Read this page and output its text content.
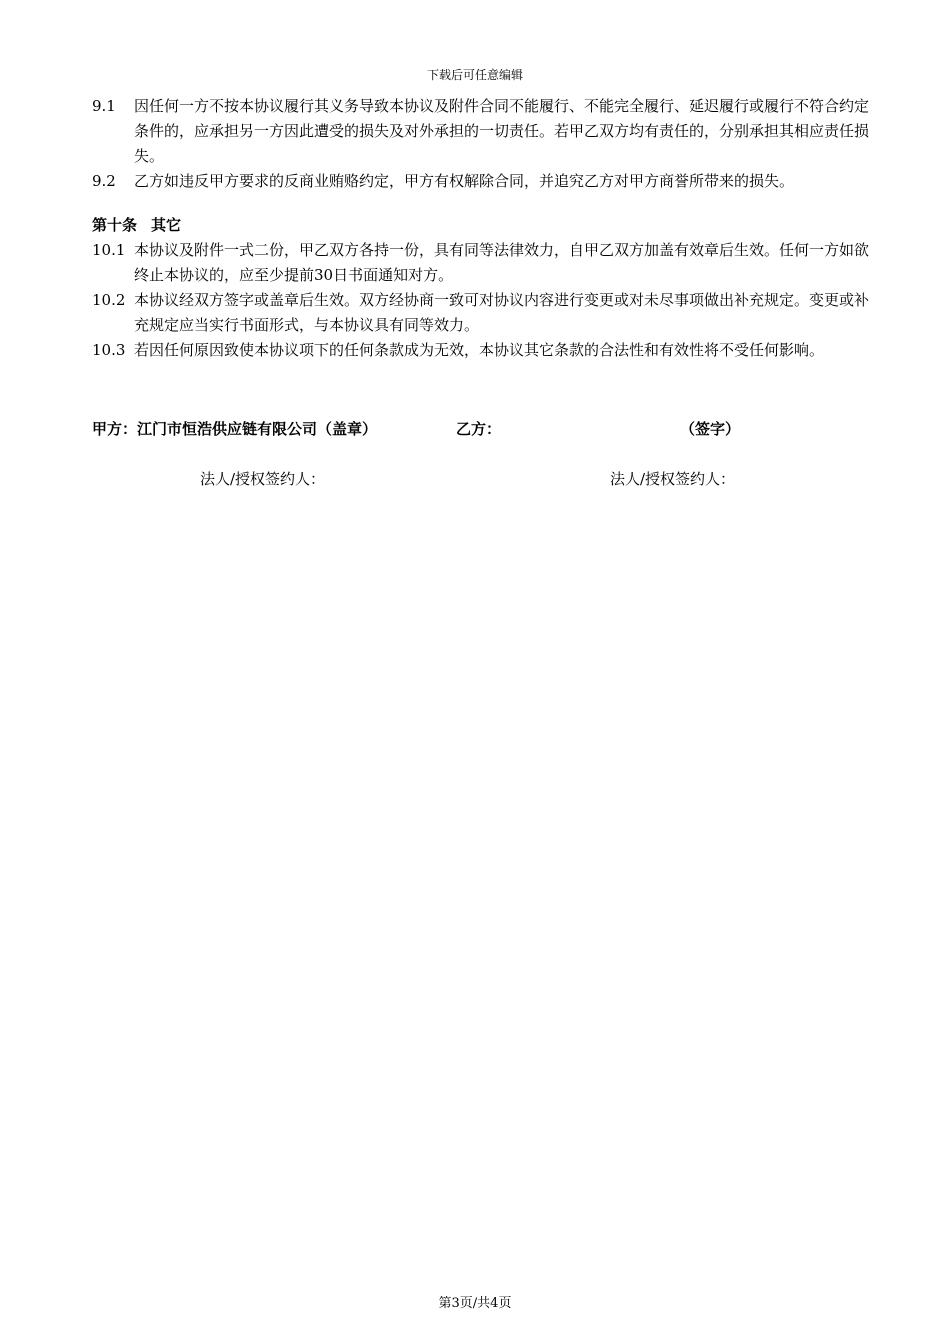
下载后可任意编辑
9.1	因任何一方不按本协议履行其义务导致本协议及附件合同不能履行、不能完全履行、延迟履行或履行不符合约定条件的，应承担另一方因此遭受的损失及对外承担的一切责任。若甲乙双方均有责任的，分别承担其相应责任损失。
9.2	乙方如违反甲方要求的反商业贿赂约定，甲方有权解除合同，并追究乙方对甲方商誉所带来的损失。
第十条 其它
10.1 本协议及附件一式二份，甲乙双方各持一份，具有同等法律效力，自甲乙双方加盖有效章后生效。任何一方如欲终止本协议的，应至少提前30日书面通知对方。
10.2 本协议经双方签字或盖章后生效。双方经协商一致可对协议内容进行变更或对未尽事项做出补充规定。变更或补充规定应当实行书面形式，与本协议具有同等效力。
10.3 若因任何原因致使本协议项下的任何条款成为无效，本协议其它条款的合法性和有效性将不受任何影响。
甲方：江门市恒浩供应链有限公司（盖章）	乙方：	（签字）
法人/授权签约人：	法人/授权签约人：
第3页/共4页
